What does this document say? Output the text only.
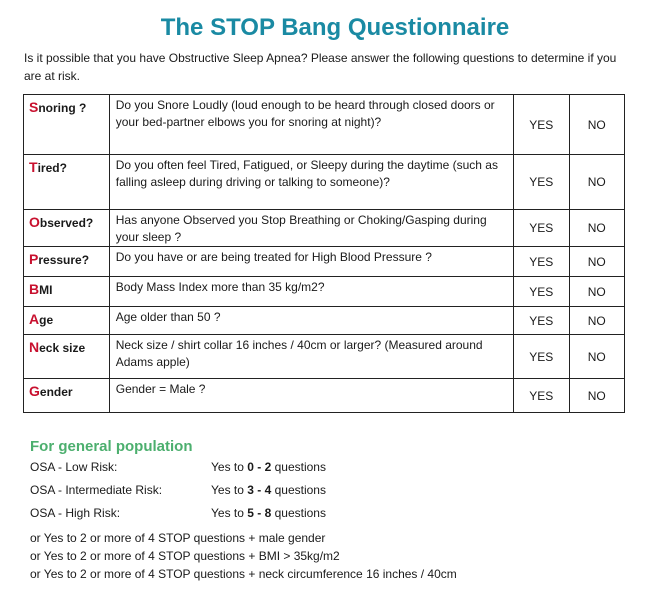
The STOP Bang Questionnaire
Is it possible that you have Obstructive Sleep Apnea? Please answer the following questions to determine if you are at risk.
Snoring ?	Do you Snore Loudly (loud enough to be heard through closed doors or your bed-partner elbows you for snoring at night)?	YES	NO
Tired?	Do you often feel Tired, Fatigued, or Sleepy during the daytime (such as falling asleep during driving or talking to someone)?	YES	NO
Observed?	Has anyone Observed you Stop Breathing or Choking/Gasping during your sleep ?	YES	NO
Pressure?	Do you have or are being treated for High Blood Pressure ?	YES	NO
BMI	Body Mass Index more than 35 kg/m2?	YES	NO
Age	Age older than 50 ?	YES	NO
Neck size	Neck size / shirt collar 16 inches / 40cm or larger? (Measured around Adams apple)	YES	NO
Gender	Gender = Male ?	YES	NO
For general population
OSA - Low Risk:	Yes to 0 - 2 questions
OSA - Intermediate Risk:	Yes to 3 - 4 questions
OSA - High Risk:	Yes to 5 - 8 questions
or Yes to 2 or more of 4 STOP questions + male gender
or Yes to 2 or more of 4 STOP questions + BMI > 35kg/m2
or Yes to 2 or more of 4 STOP questions + neck circumference 16 inches / 40cm
